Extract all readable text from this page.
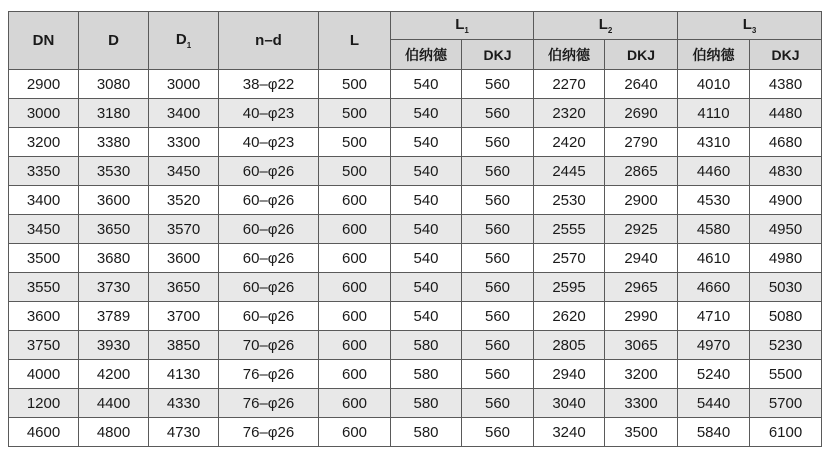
DN	D	$D_1$	n–d	L	$L_1$		$L_2$		$L_3$
					伯纳德	DKJ	伯纳德	DKJ	伯纳德	DKJ
2900	3080	3000	38–φ22	500	540	560	2270	2640	4010	4380
3000	3180	3400	40–φ23	500	540	560	2320	2690	4110	4480
3200	3380	3300	40–φ23	500	540	560	2420	2790	4310	4680
3350	3530	3450	60–φ26	500	540	560	2445	2865	4460	4830
3400	3600	3520	60–φ26	600	540	560	2530	2900	4530	4900
3450	3650	3570	60–φ26	600	540	560	2555	2925	4580	4950
3500	3680	3600	60–φ26	600	540	560	2570	2940	4610	4980
3550	3730	3650	60–φ26	600	540	560	2595	2965	4660	5030
3600	3789	3700	60–φ26	600	540	560	2620	2990	4710	5080
3750	3930	3850	70–φ26	600	580	560	2805	3065	4970	5230
4000	4200	4130	76–φ26	600	580	560	2940	3200	5240	5500
1200	4400	4330	76–φ26	600	580	560	3040	3300	5440	5700
4600	4800	4730	76–φ26	600	580	560	3240	3500	5840	6100
